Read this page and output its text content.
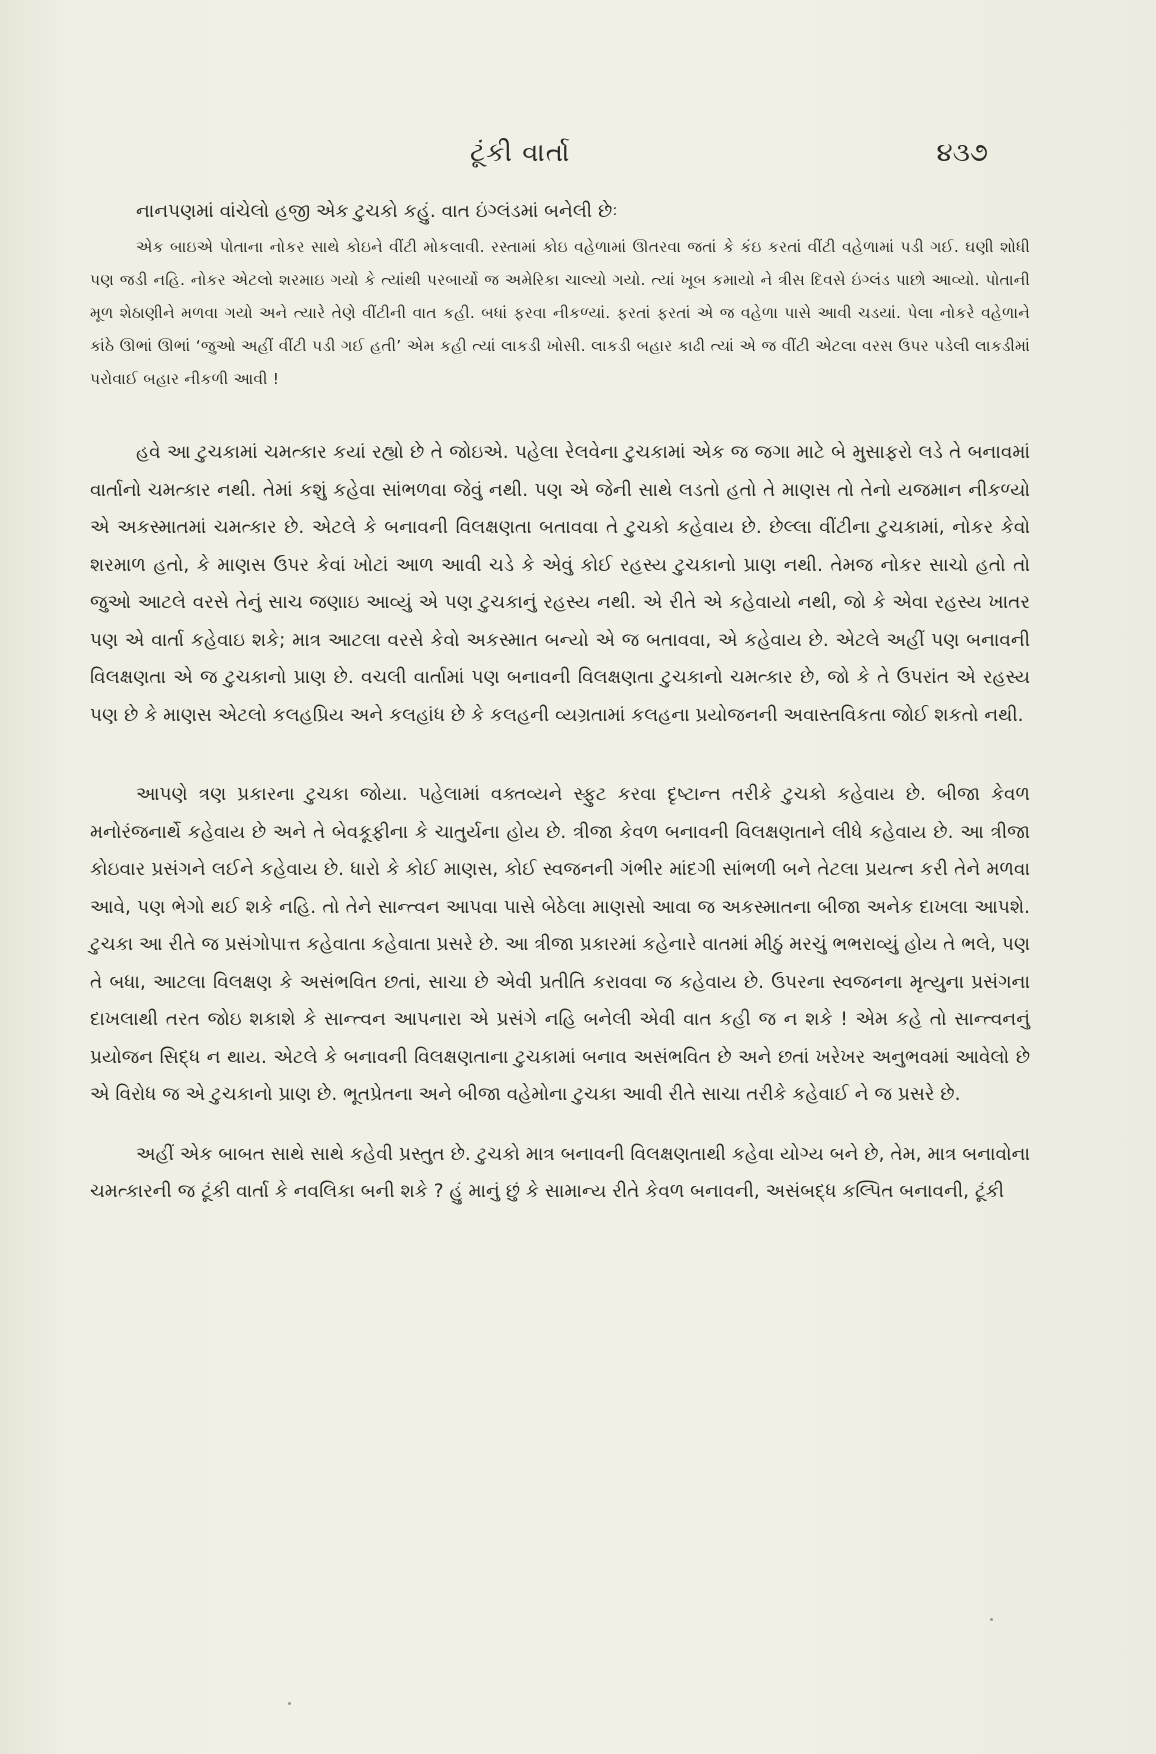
ટૂંકી વાર્તા	૪૩૭

નાનપણમાં વાંચેલો હજી એક ટુચકો કહું. વાત ઇંગ્લંડમાં બનેલી છેઃ

એક બાઇએ પોતાના નોકર સાથે કોઇને વીંટી મોકલાવી. રસ્તામાં કોઇ વહેળામાં ઊતરવા જતાં કે કંઇ કરતાં વીંટી વહેળામાં પડી ગઈ. ઘણી શોધી પણ જડી નહિ. નોકર એટલો શરમાઇ ગયો કે ત્યાંથી પરબાર્યો જ અમેરિકા ચાલ્યો ગયો. ત્યાં ખૂબ કમાયો ને ત્રીસ દિવસે ઇંગ્લંડ પાછો આવ્યો. પોતાની મૂળ શેઠાણીને મળવા ગયો અને ત્યારે તેણે વીંટીની વાત કહી. બધાં ફરવા નીકળ્યાં. ફરતાં ફરતાં એ જ વહેળા પાસે આવી ચડયાં. પેલા નોકરે વહેળાને કાંઠે ઊભાં ઊભાં ‘જુઓ અહીં વીંટી પડી ગઈ હતી’ એમ કહી ત્યાં લાકડી ખોસી. લાકડી બહાર કાઢી ત્યાં એ જ વીંટી એટલા વરસ ઉપર પડેલી લાકડીમાં પરોવાઈ બહાર નીકળી આવી !

હવે આ ટુચકામાં ચમત્કાર કયાં રહ્યો છે તે જોઇએ. પહેલા રેલવેના ટુચકામાં એક જ જગા માટે બે મુસાફરો લડે તે બનાવમાં વાર્તાનો ચમત્કાર નથી. તેમાં કશું કહેવા સાંભળવા જેવું નથી. પણ એ જેની સાથે લડતો હતો તે માણસ તો તેનો યજમાન નીકળ્યો એ અકસ્માતમાં ચમત્કાર છે. એટલે કે બનાવની વિલક્ષણતા બતાવવા તે ટુચકો કહેવાય છે. છેલ્લા વીંટીના ટુચકામાં, નોકર કેવો શરમાળ હતો, કે માણસ ઉપર કેવાં ખોટાં આળ આવી ચડે કે એવું કોઈ રહસ્ય ટુચકાનો પ્રાણ નથી. તેમજ નોકર સાચો હતો તો જુઓ આટલે વરસે તેનું સાચ જણાઇ આવ્યું એ પણ ટુચકાનું રહસ્ય નથી. એ રીતે એ કહેવાયો નથી, જો કે એવા રહસ્ય ખાતર પણ એ વાર્તા કહેવાઇ શકે; માત્ર આટલા વરસે કેવો અકસ્માત બન્યો એ જ બતાવવા, એ કહેવાય છે. એટલે અહીં પણ બનાવની વિલક્ષણતા એ જ ટુચકાનો પ્રાણ છે. વચલી વાર્તામાં પણ બનાવની વિલક્ષણતા ટુચકાનો ચમત્કાર છે, જો કે તે ઉપરાંત એ રહસ્ય પણ છે કે માણસ એટલો કલહપ્રિય અને કલહાંધ છે કે કલહની વ્યગ્રતામાં કલહના પ્રયોજનની અવાસ્તવિકતા જોઈ શકતો નથી.

આપણે ત્રણ પ્રકારના ટુચકા જોયા. પહેલામાં વક્તવ્યને સ્ફુટ કરવા દૃષ્ટાન્ત તરીકે ટુચકો કહેવાય છે. બીજા કેવળ મનોરંજનાર્થે કહેવાય છે અને તે બેવકૂફીના કે ચાતુર્યના હોય છે. ત્રીજા કેવળ બનાવની વિલક્ષણતાને લીધે કહેવાય છે. આ ત્રીજા કોઇવાર પ્રસંગને લઈને કહેવાય છે. ધારો કે કોઈ માણસ, કોઈ સ્વજનની ગંભીર માંદગી સાંભળી બને તેટલા પ્રયત્ન કરી તેને મળવા આવે, પણ ભેગો થઈ શકે નહિ. તો તેને સાન્ત્વન આપવા પાસે બેઠેલા માણસો આવા જ અકસ્માતના બીજા અનેક દાખલા આપશે. ટુચકા આ રીતે જ પ્રસંગોપાત્ત કહેવાતા કહેવાતા પ્રસરે છે. આ ત્રીજા પ્રકારમાં કહેનારે વાતમાં મીઠું મરચું ભભરાવ્યું હોય તે ભલે, પણ તે બધા, આટલા વિલક્ષણ કે અસંભવિત છતાં, સાચા છે એવી પ્રતીતિ કરાવવા જ કહેવાય છે. ઉપરના સ્વજનના મૃત્યુના પ્રસંગના દાખલાથી તરત જોઇ શકાશે કે સાન્ત્વન આપનારા એ પ્રસંગે નહિ બનેલી એવી વાત કહી જ ન શકે ! એમ કહે તો સાન્ત્વનનું પ્રયોજન સિદ્ધ ન થાય. એટલે કે બનાવની વિલક્ષણતાના ટુચકામાં બનાવ અસંભવિત છે અને છતાં ખરેખર અનુભવમાં આવેલો છે એ વિરોધ જ એ ટુચકાનો પ્રાણ છે. ભૂતપ્રેતના અને બીજા વહેમોના ટુચકા આવી રીતે સાચા તરીકે કહેવાઈ ને જ પ્રસરે છે.

અહીં એક બાબત સાથે સાથે કહેવી પ્રસ્તુત છે. ટુચકો માત્ર બનાવની વિલક્ષણતાથી કહેવા યોગ્ય બને છે, તેમ, માત્ર બનાવોના ચમત્કારની જ ટૂંકી વાર્તા કે નવલિકા બની શકે ? હું માનું છું કે સામાન્ય રીતે કેવળ બનાવની, અસંબદ્ધ કલ્પિત બનાવની, ટૂંકી
